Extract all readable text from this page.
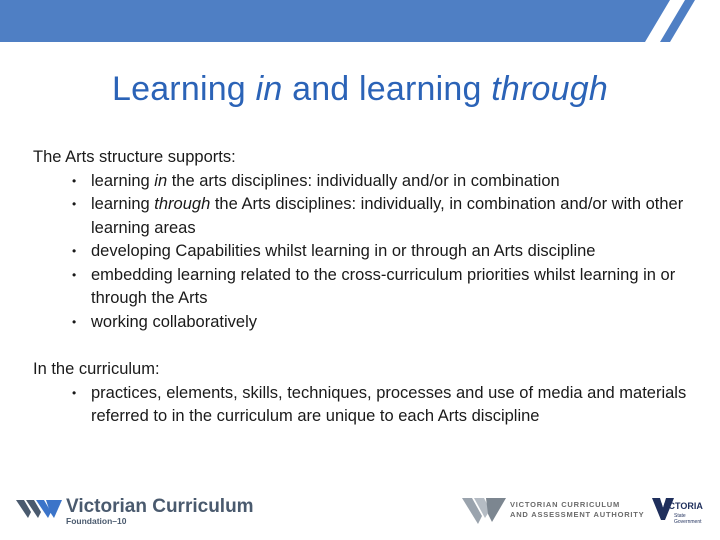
Learning in and learning through

The Arts structure supports:

• learning in the arts disciplines: individually and/or in combination
• learning through the Arts disciplines: individually, in combination and/or with other learning areas
• developing Capabilities whilst learning in or through an Arts discipline
• embedding learning related to the cross-curriculum priorities whilst learning in or through the Arts
• working collaboratively

In the curriculum:

• practices, elements, skills, techniques, processes and use of media and materials referred to in the curriculum are unique to each Arts discipline
Victorian Curriculum
Foundation–10
VICTORIAN CURRICULUM
AND ASSESSMENT AUTHORITY
VICTORIA
State
Government
